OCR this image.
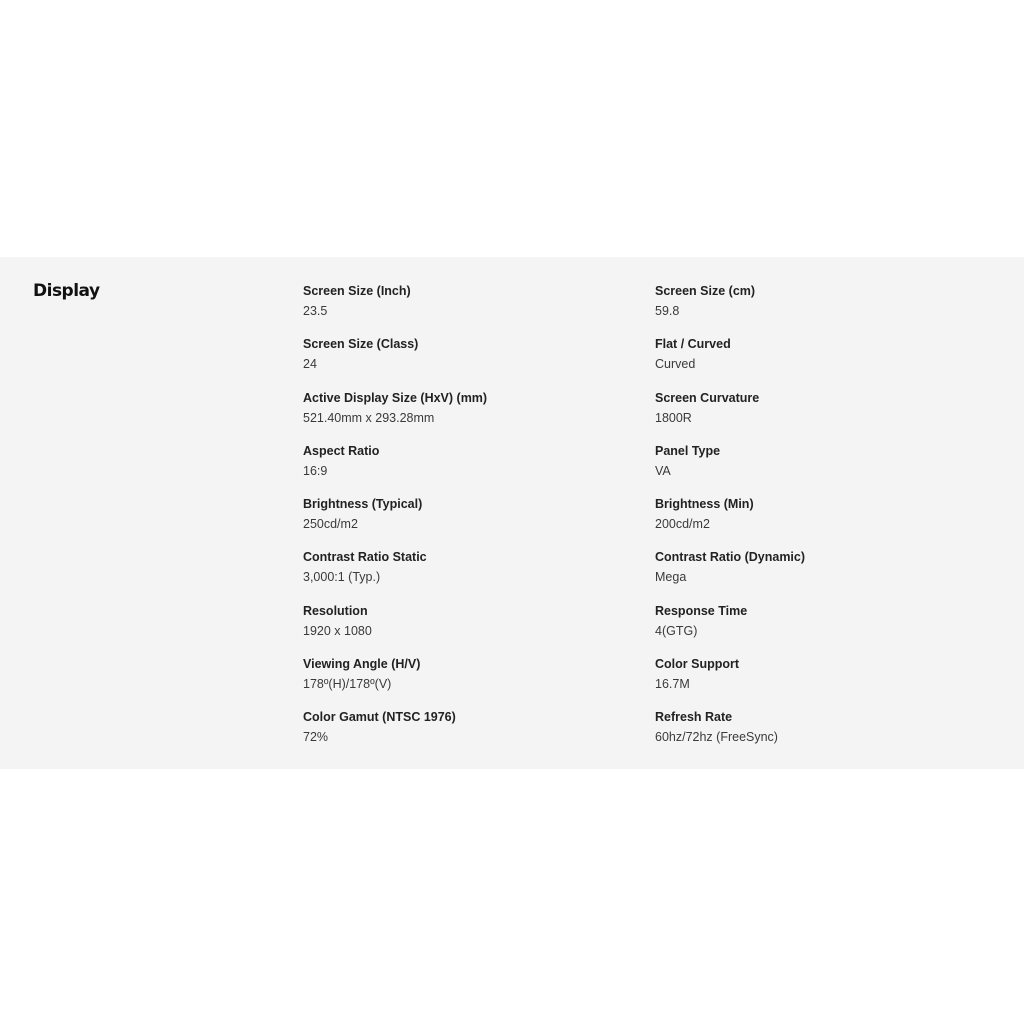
Display	Screen Size (Inch)
23.5
Screen Size (cm)
59.8
Screen Size (Class)
24
Flat / Curved
Curved
Active Display Size (HxV) (mm)
521.40mm x 293.28mm
Screen Curvature
1800R
Aspect Ratio
16:9
Panel Type
VA
Brightness (Typical)
250cd/m2
Brightness (Min)
200cd/m2
Contrast Ratio Static
3,000:1 (Typ.)
Contrast Ratio (Dynamic)
Mega
Resolution
1920 x 1080
Response Time
4(GTG)
Viewing Angle (H/V)
178º(H)/178º(V)
Color Support
16.7M
Color Gamut (NTSC 1976)
72%
Refresh Rate
60hz/72hz (FreeSync)
